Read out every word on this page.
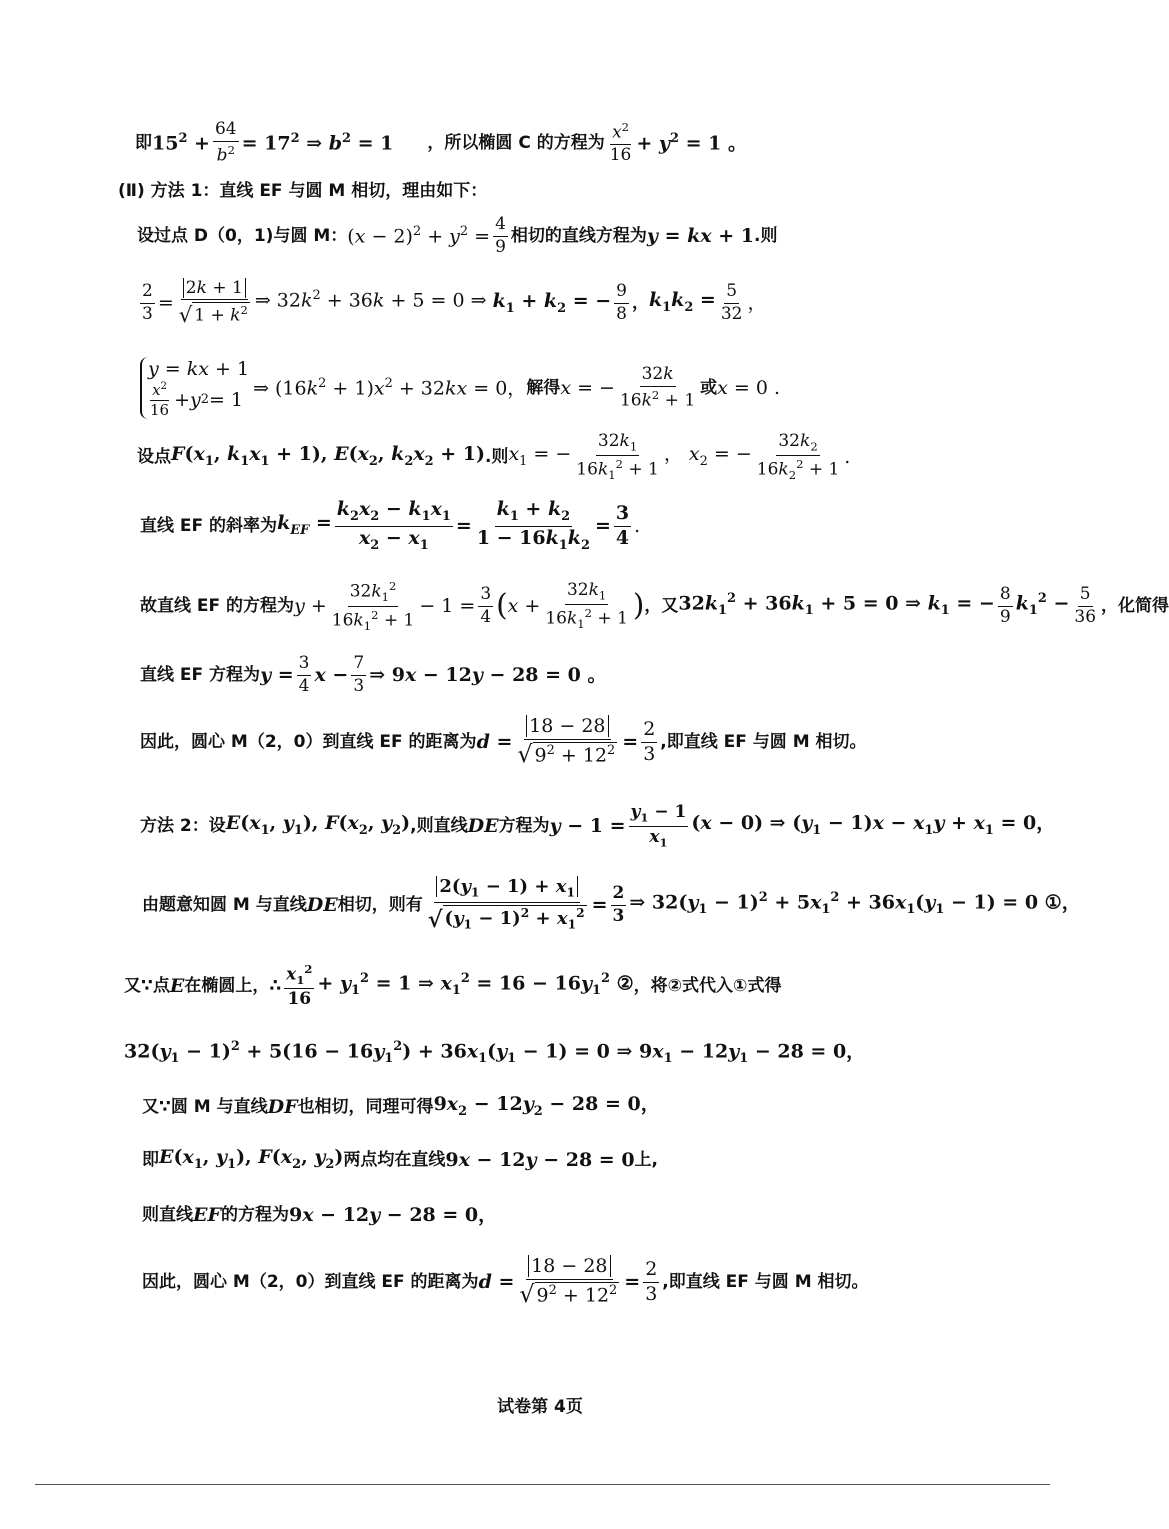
即 $15^2 + \frac{64}{b^2} = 17^2$ ⇒ $b^2 = 1$ ， 所以椭圆 C 的方程为 $\frac{x^2}{16} + y^2 = 1$ 。
(Ⅱ) 方法 1：直线 EF 与圆 M 相切，理由如下：
设过点 D（0，1)与圆 M： $(x - 2)^2 + y^2 = \frac{4}{9}$ 相切的直线方程为 y = kx + 1 .则
$\frac{2}{3} = \frac{2k + 1}{√ 1 + k^2}$ ⇒ $32k^2 + 36k + 5 = 0$ ⇒ $k_1 + k_2$ = − $\frac{9}{8}$ ， $k_1k_2 = \frac{5}{32}$ ，
y = kx + 1
$\frac{x^2}{16} + y$ 2 = 1
⇒ $(16k^2 + 1)x^2 + 32kx = 0$， 解得 x = − $\frac{32k}{16k^2 + 1}$ 或 x = 0 .
设点 $F(x_1$, $k_1x_1 + 1$), $E(x_2$, $k_2x_2 + 1$) .则 $x_1$ = − $\frac{32k_1}{16k_1^2 + 1}$ ， $x_2$ = − $\frac{32k_2}{16k_2^2 + 1}$ .
直线 EF 的斜率为 $k_{EF} = \frac{k_2x_2 - k_1x_1}{x_2 - x_1} = \frac{k_1 + k_2}{1 - 16k_1k_2} = \frac{3}{4}$ .
故直线 EF 的方程为 $y + \frac{32k_1^2}{16k_1^2 + 1} - 1 = \frac{3}{4}$ ( $x + \frac{32k_1}{16k_1^2 + 1}$ ) ，又 $32k_1^2 + 36k_1 + 5 = 0$ ⇒ $k_1$ = − $\frac{8}{9} k_1^2 - \frac{5}{36}$ ，化简得
直线 EF 方程为 $y = \frac{3}{4}$ $x - \frac{7}{3}$ ⇒ 9x − 12y − 28 = 0 。
因此，圆心 M（2，0）到直线 EF 的距离为 $d = \frac{18 - 28}{√ 9^2 + 12^2} = \frac{2}{3}$ ,即直线 EF 与圆 M 相切。
方法 2：设 $E(x_1$, $y_1$), $F(x_2$, $y_2$) ,则直线 DE 方程为 $y - 1 = \frac{y_1 - 1}{x_1} (x - 0)$ ⇒ $(y_1 - 1)x - x_1y + x_1 = 0$，
由题意知圆 M 与直线 DE 相切，则有 $\frac{2(y_1 - 1) + x_1}{√ (y_1 - 1)^2 + x_1^2} = \frac{2}{3}$ ⇒ $32(y_1 - 1)^2 + 5x_1^2 + 36x_1(y_1 - 1) = 0$ ①，
又∵点 E 在椭圆上，∴ $\frac{x_1^2}{16} + y_1^2 = 1$ ⇒ $x_1^2 = 16 - 16y_1^2$ ② ，将②式代入①式得
$32(y_1 - 1)^2 + 5(16 - 16y_1^2) + 36x_1(y_1 - 1) = 0$ ⇒ $9x_1 - 12y_1 - 28 = 0$，
又∵圆 M 与直线 DF 也相切，同理可得 $9x_2 - 12y_2 - 28 = 0$，
即 $E(x_1$, $y_1$), $F(x_2$, $y_2$) 两点均在直线 9x − 12y − 28 = 0 上,
则直线 EF 的方程为 9x − 12y − 28 = 0，
因此，圆心 M（2，0）到直线 EF 的距离为 $d = \frac{18 - 28}{√ 9^2 + 12^2} = \frac{2}{3}$ ,即直线 EF 与圆 M 相切。
试卷第 4页
